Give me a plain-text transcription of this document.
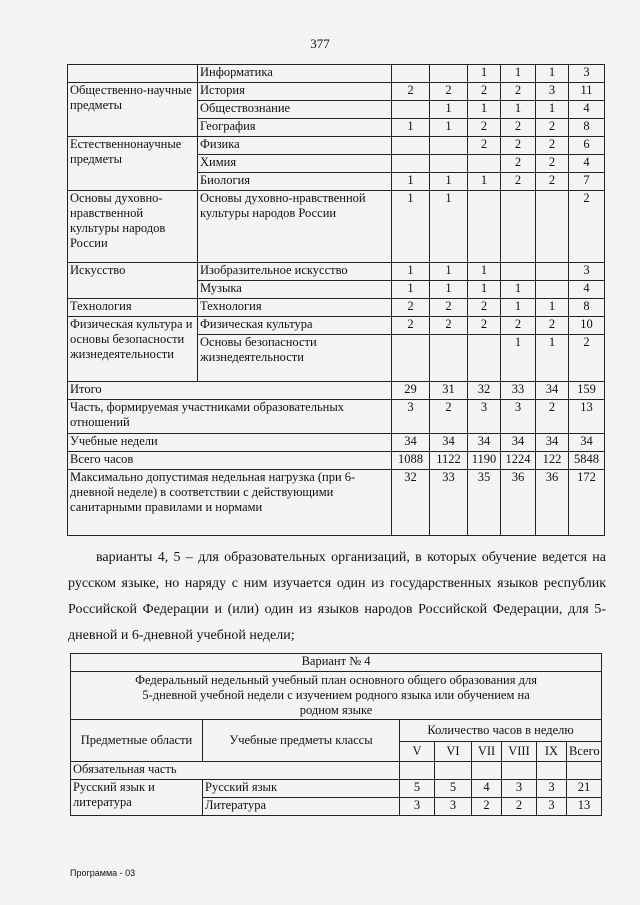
377
	Информатика			1	1	1	3
Общественно-научные предметы	История	2	2	2	2	3	11
	Обществознание		1	1	1	1	4
	География	1	1	2	2	2	8
Естественнонаучные предметы	Физика			2	2	2	6
	Химия				2	2	4
	Биология	1	1	1	2	2	7
Основы духовно-нравственной культуры народов России	Основы духовно-нравственной культуры народов России	1	1				2
Искусство	Изобразительное искусство	1	1	1			3
	Музыка	1	1	1	1		4
Технология	Технология	2	2	2	1	1	8
Физическая культура и основы безопасности жизнедеятельности	Физическая культура	2	2	2	2	2	10
	Основы безопасности жизнедеятельности				1	1	2
Итого		29	31	32	33	34	159
Часть, формируемая участниками образовательных отношений		3	2	3	3	2	13
Учебные недели		34	34	34	34	34	34
Всего часов		1088	1122	1190	1224	122	5848
Максимально допустимая недельная нагрузка (при 6-дневной неделе) в соответствии с действующими санитарными правилами и нормами		32	33	35	36	36	172
варианты 4, 5 – для образовательных организаций, в которых обучение ведется на русском языке, но наряду с ним изучается один из государственных языков республик Российской Федерации и (или) один из языков народов Российской Федерации, для 5-дневной и 6-дневной учебной недели;
Вариант № 4							
Федеральный недельный учебный план основного общего образования для 5-дневной учебной недели с изучением родного языка или обучением на родном языке							
Предметные области	Учебные предметы классы	Количество часов в неделю					
		V	VI	VII	VIII	IX	Всего
Обязательная часть							
Русский язык и литература	Русский язык	5	5	4	3	3	21
	Литература	3	3	2	2	3	13
Программа - 03
